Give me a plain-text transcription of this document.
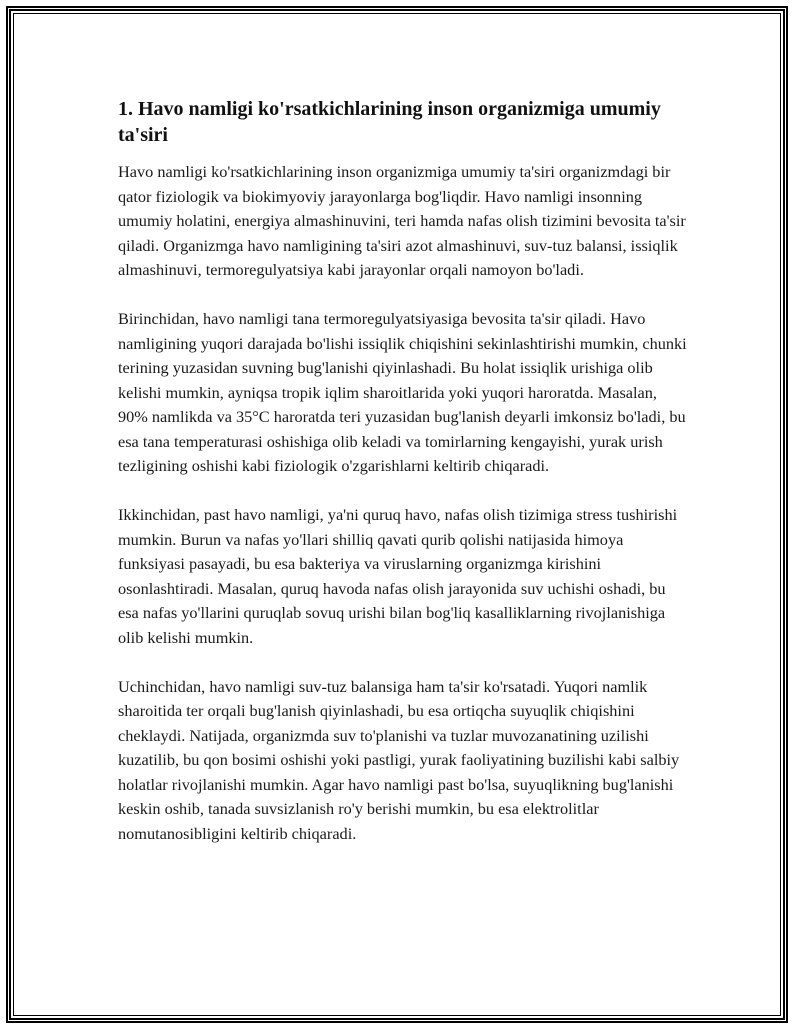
1. Havo namligi ko'rsatkichlarining inson organizmiga umumiy ta'siri

Havo namligi ko'rsatkichlarining inson organizmiga umumiy ta'siri organizmdagi bir qator fiziologik va biokimyoviy jarayonlarga bog'liqdir. Havo namligi insonning umumiy holatini, energiya almashinuvini, teri hamda nafas olish tizimini bevosita ta'sir qiladi. Organizmga havo namligining ta'siri azot almashinuvi, suv-tuz balansi, issiqlik almashinuvi, termoregulyatsiya kabi jarayonlar orqali namoyon bo'ladi.

Birinchidan, havo namligi tana termoregulyatsiyasiga bevosita ta'sir qiladi. Havo namligining yuqori darajada bo'lishi issiqlik chiqishini sekinlashtirishi mumkin, chunki terining yuzasidan suvning bug'lanishi qiyinlashadi. Bu holat issiqlik urishiga olib kelishi mumkin, ayniqsa tropik iqlim sharoitlarida yoki yuqori haroratda. Masalan, 90% namlikda va 35°C haroratda teri yuzasidan bug'lanish deyarli imkonsiz bo'ladi, bu esa tana temperaturasi oshishiga olib keladi va tomirlarning kengayishi, yurak urish tezligining oshishi kabi fiziologik o'zgarishlarni keltirib chiqaradi.

Ikkinchidan, past havo namligi, ya'ni quruq havo, nafas olish tizimiga stress tushirishi mumkin. Burun va nafas yo'llari shilliq qavati qurib qolishi natijasida himoya funksiyasi pasayadi, bu esa bakteriya va viruslarning organizmga kirishini osonlashtiradi. Masalan, quruq havoda nafas olish jarayonida suv uchishi oshadi, bu esa nafas yo'llarini quruqlab sovuq urishi bilan bog'liq kasalliklarning rivojlanishiga olib kelishi mumkin.

Uchinchidan, havo namligi suv-tuz balansiga ham ta'sir ko'rsatadi. Yuqori namlik sharoitida ter orqali bug'lanish qiyinlashadi, bu esa ortiqcha suyuqlik chiqishini cheklaydi. Natijada, organizmda suv to'planishi va tuzlar muvozanatining uzilishi kuzatilib, bu qon bosimi oshishi yoki pastligi, yurak faoliyatining buzilishi kabi salbiy holatlar rivojlanishi mumkin. Agar havo namligi past bo'lsa, suyuqlikning bug'lanishi keskin oshib, tanada suvsizlanish ro'y berishi mumkin, bu esa elektrolitlar nomutanosibligini keltirib chiqaradi.
